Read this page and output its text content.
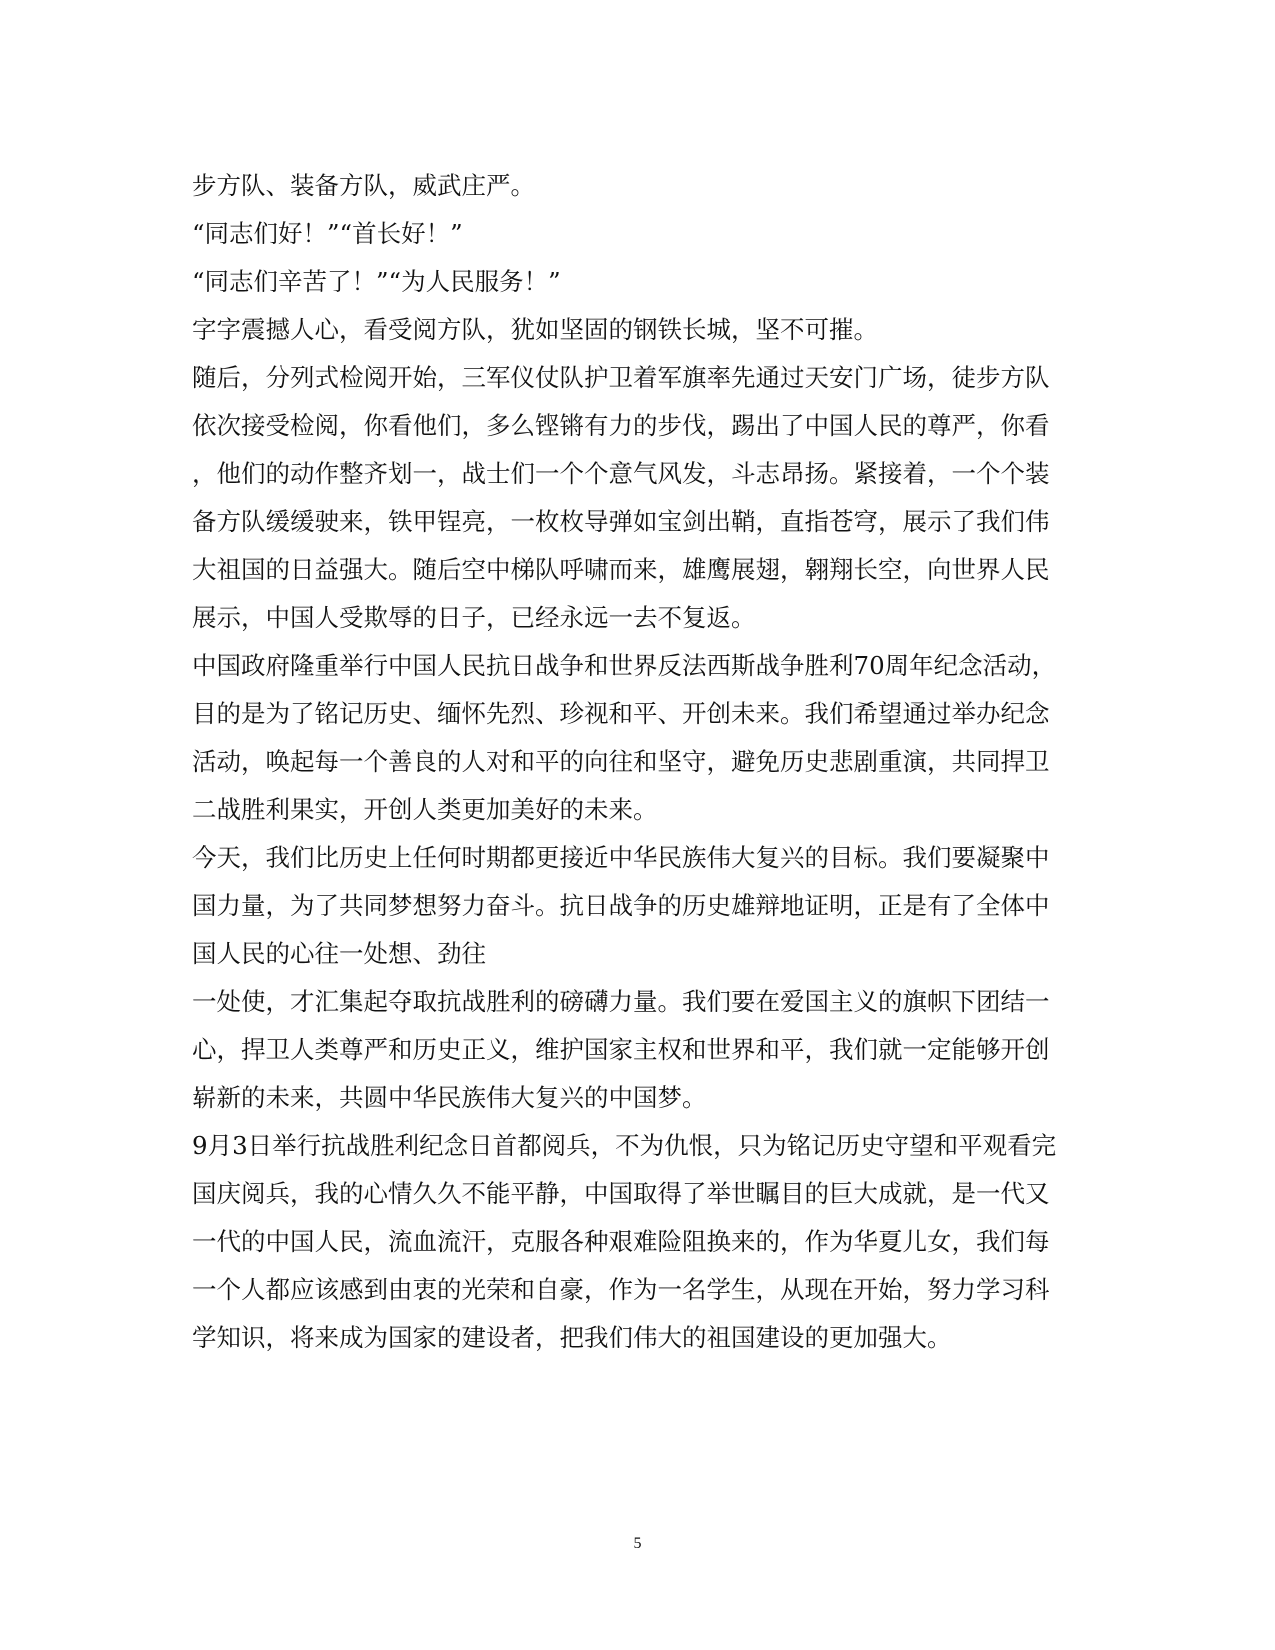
步方队、装备方队，威武庄严。
“同志们好！”“首长好！”
“同志们辛苦了！”“为人民服务！”
字字震撼人心，看受阅方队，犹如坚固的钢铁长城，坚不可摧。
随后，分列式检阅开始，三军仪仗队护卫着军旗率先通过天安门广场，徒步方队
依次接受检阅，你看他们，多么铿锵有力的步伐，踢出了中国人民的尊严，你看
，他们的动作整齐划一，战士们一个个意气风发，斗志昂扬。紧接着，一个个装
备方队缓缓驶来，铁甲锃亮，一枚枚导弹如宝剑出鞘，直指苍穹，展示了我们伟
大祖国的日益强大。随后空中梯队呼啸而来，雄鹰展翅，翱翔长空，向世界人民
展示，中国人受欺辱的日子，已经永远一去不复返。
中国政府隆重举行中国人民抗日战争和世界反法西斯战争胜利70周年纪念活动，
目的是为了铭记历史、缅怀先烈、珍视和平、开创未来。我们希望通过举办纪念
活动，唤起每一个善良的人对和平的向往和坚守，避免历史悲剧重演，共同捍卫
二战胜利果实，开创人类更加美好的未来。
今天，我们比历史上任何时期都更接近中华民族伟大复兴的目标。我们要凝聚中
国力量，为了共同梦想努力奋斗。抗日战争的历史雄辩地证明，正是有了全体中
国人民的心往一处想、劲往
一处使，才汇集起夺取抗战胜利的磅礴力量。我们要在爱国主义的旗帜下团结一
心，捍卫人类尊严和历史正义，维护国家主权和世界和平，我们就一定能够开创
崭新的未来，共圆中华民族伟大复兴的中国梦。
9月3日举行抗战胜利纪念日首都阅兵，不为仇恨，只为铭记历史守望和平观看完
国庆阅兵，我的心情久久不能平静，中国取得了举世瞩目的巨大成就，是一代又
一代的中国人民，流血流汗，克服各种艰难险阻换来的，作为华夏儿女，我们每
一个人都应该感到由衷的光荣和自豪，作为一名学生，从现在开始，努力学习科
学知识，将来成为国家的建设者，把我们伟大的祖国建设的更加强大。
5
